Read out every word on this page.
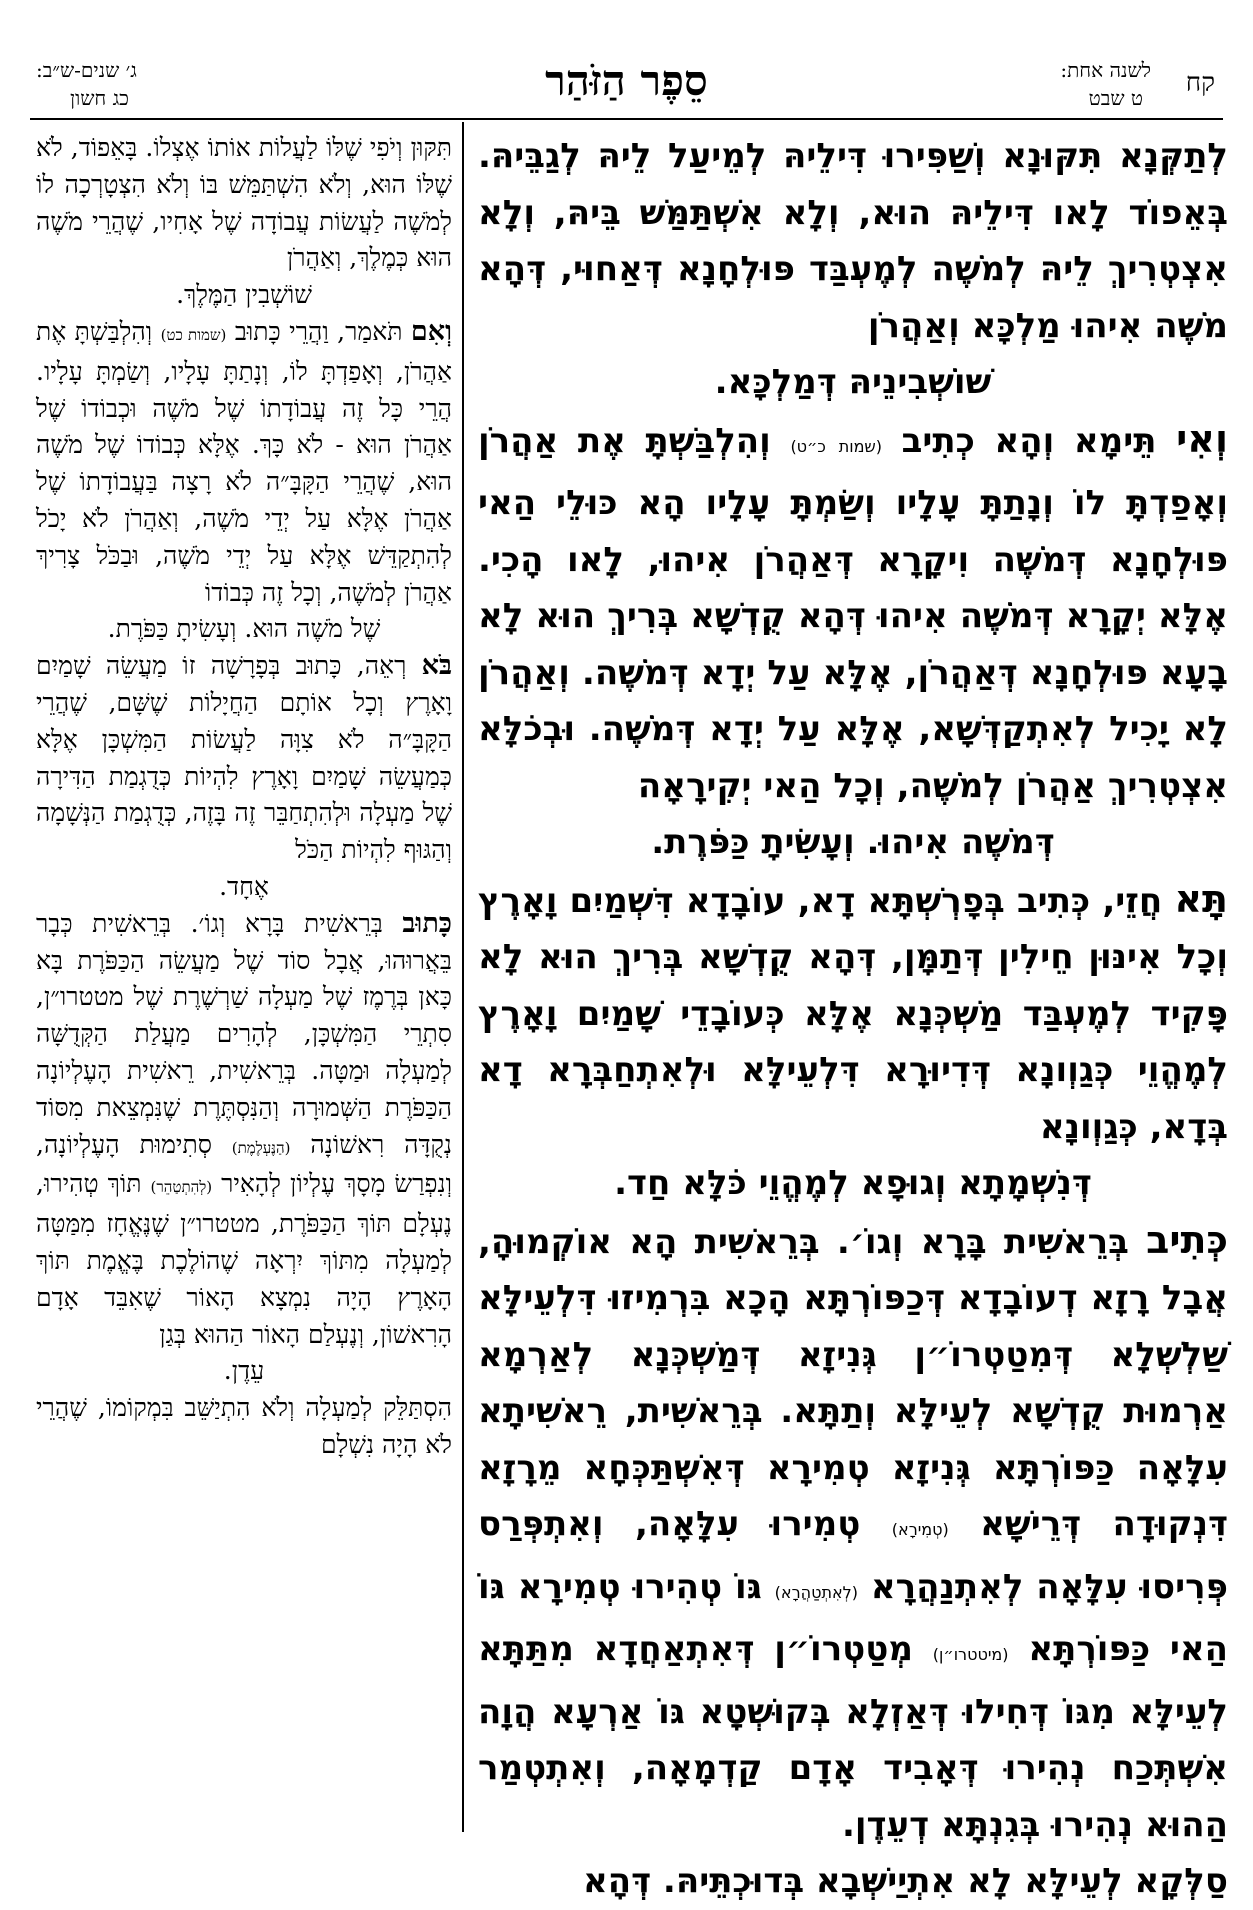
קח
לשנה אחת:
ט שבט
סֵפֶר הַזֹּהַר
ג׳ שנים-ש״ב:
כג חשון

לְתַקְּנָא תִּקּוּנָא וְשַׁפִּירוּ דִּילֵיהּ לְמֵיעַל לֵיהּ לְגַבֵּיהּ. בְּאֵפוֹד לָאו דִּילֵיהּ הוּא, וְלָא אִשְׁתַּמַּשׁ בֵּיהּ, וְלָא אִצְטְרִיךְ לֵיהּ לְמֹשֶׁה לְמֶעְבַּד פּוּלְחָנָא דְּאַחוּי, דְּהָא מֹשֶׁה אִיהוּ מַלְכָּא וְאַהֲרֹן

שׁוֹשְׁבִינֵיהּ דְּמַלְכָּא.

וְאִי תֵּימָא וְהָא כְתִיב (שמות כ״ט) וְהִלְבַּשְׁתָּ אֶת אַהֲרֹן וְאָפַדְתָּ לוֹ וְנָתַתָּ עָלָיו וְשַׂמְתָּ עָלָיו הָא כּוּלֵי הַאי פּוּלְחָנָא דְּמֹשֶׁה וִיקָרָא דְּאַהֲרֹן אִיהוּ, לָאו הָכִי. אֶלָּא יְקָרָא דְּמֹשֶׁה אִיהוּ דְּהָא קֻדְשָׁא בְּרִיךְ הוּא לָא בָעָא פּוּלְחָנָא דְּאַהֲרֹן, אֶלָּא עַל יְדָא דְּמֹשֶׁה. וְאַהֲרֹן לָא יָכִיל לְאִתְקַדְּשָׁא, אֶלָּא עַל יְדָא דְּמֹשֶׁה. וּבְכֹלָּא אִצְטְרִיךְ אַהֲרֹן לְמֹשֶׁה, וְכָל הַאי יְקִירָאָה

דְּמֹשֶׁה אִיהוּ. וְעָשִׂיתָ כַּפֹּרֶת.

תָּא חֲזֵי, כְּתִיב בְּפָרְשְׁתָּא דָא, עוֹבָדָא דִּשְׁמַיִם וָאָרֶץ וְכָל אִינּוּן חֵילִין דְּתַמָּן, דְּהָא קֻדְשָׁא בְּרִיךְ הוּא לָא פָּקִיד לְמֶעְבַּד מַשְׁכְּנָא אֶלָּא כְּעוֹבָדֵי שָׁמַיִם וָאָרֶץ לְמֶהֱוֵי כְּגַוְונָא דְּדִיוּרָא דִּלְעֵילָּא וּלְאִתְחַבְּרָא דָא בְּדָא, כְּגַוְונָא

דְּנִשְׁמָתָא וְגוּפָא לְמֶהֱוֵי כֹּלָּא חַד.

כְּתִיב בְּרֵאשִׁית בָּרָא וְגוֹ׳. בְּרֵאשִׁית הָא אוֹקְמוּהָ, אֲבָל רָזָא דְעוֹבָדָא דְּכַפּוֹרְתָּא הָכָא בִּרְמִיזוּ דִּלְעֵילָּא שַׁלְשְׁלָא דְּמִטַטְרוֹ״ן גְּנִיזָא דְּמַשְׁכְּנָא לְאַרְמָא אַרְמוּת קֻדְשָׁא לְעֵילָּא וְתַתָּא. בְּרֵאשִׁית, רֵאשִׁיתָא עִלָּאָה כַּפּוֹרְתָּא גְּנִיזָא טְמִירָא דְּאִשְׁתַּכְּחָא מֵרָזָא דִּנְקוּדָה דְּרֵישָׁא (טְמִירָא) טְמִירוּ עִלָּאָה, וְאִתְפְּרַס פְּרִיסוּ עִלָּאָה לְאִתְנַהֲרָא (לְאִתְטַהֲרָא) גּוֹ טְהִירוּ טְמִירָא גּוֹ הַאי כַּפּוֹרְתָּא (מיטטרו״ן) מְטַטְרוֹ״ן דְּאִתְאַחֲדָא מִתַּתָּא לְעֵילָּא מִגּוֹ דְּחִילוּ דְּאַזְלָא בְּקוּשְׁטָא גּוֹ אַרְעָא הֲוָה אִשְׁתְּכַח נְהִירוּ דְּאָבִיד אָדָם קַדְמָאָה, וְאִתְטְמַר הַהוּא נְהִירוּ בְּגִנְתָּא דְעֵדֶן.

סַלְּקָא לְעֵילָּא לָא אִתְיַישְּׁבָא בְּדוּכְתֵּיהּ. דְּהָא

תִּקּוּן וְיֹפִי שֶׁלּוֹ לַעֲלוֹת אוֹתוֹ אֶצְלוֹ. בָּאֵפוֹד, לֹא שֶׁלּוֹ הוּא, וְלֹא הִשְׁתַּמֵּשׁ בּוֹ וְלֹא הִצְטָרְכָה לוֹ לְמֹשֶׁה לַעֲשׂוֹת עֲבוֹדָה שֶׁל אָחִיו, שֶׁהֲרֵי מֹשֶׁה הוּא כְּמֶלֶךְ, וְאַהֲרֹן

שׁוֹשְׁבִין הַמֶּלֶךְ.

וְאִם תֹּאמַר, וַהֲרֵי כָּתוּב (שמות כט) וְהִלְבַּשְׁתָּ אֶת אַהֲרֹן, וְאָפַדְתָּ לוֹ, וְנָתַתָּ עָלָיו, וְשַׂמְתָּ עָלָיו. הֲרֵי כָּל זֶה עֲבוֹדָתוֹ שֶׁל מֹשֶׁה וּכְבוֹדוֹ שֶׁל אַהֲרֹן הוּא - לֹא כָּךְ. אֶלָּא כְּבוֹדוֹ שֶׁל מֹשֶׁה הוּא, שֶׁהֲרֵי הַקָּבָּ״ה לֹא רָצָה בַּעֲבוֹדָתוֹ שֶׁל אַהֲרֹן אֶלָּא עַל יְדֵי מֹשֶׁה, וְאַהֲרֹן לֹא יָכֹל לְהִתְקַדֵּשׁ אֶלָּא עַל יְדֵי מֹשֶׁה, וּבַכֹּל צָרִיךְ אַהֲרֹן לְמֹשֶׁה, וְכָל זֶה כְּבוֹדוֹ

שֶׁל מֹשֶׁה הוּא. וְעָשִׂיתָ כַּפֹּרֶת.

בֹּא רְאֵה, כָּתוּב בְּפָרָשָׁה זוֹ מַעֲשֵׂה שָׁמַיִם וָאָרֶץ וְכָל אוֹתָם הַחֲיָלוֹת שֶׁשָּׁם, שֶׁהֲרֵי הַקָּבָּ״ה לֹא צִוָּה לַעֲשׂוֹת הַמִּשְׁכָּן אֶלָּא כְּמַעֲשֵׂה שָׁמַיִם וָאָרֶץ לִהְיוֹת כְּדֻגְמַת הַדִּירָה שֶׁל מַעְלָה וּלְהִתְחַבֵּר זֶה בָּזֶה, כְּדֻגְמַת הַנְּשָׁמָה וְהַגּוּף לִהְיוֹת הַכֹּל

אֶחָד.

כָּתוּב בְּרֵאשִׁית בָּרָא וְגוֹ׳. בְּרֵאשִׁית כְּבָר בֵּאֲרוּהוּ, אֲבָל סוֹד שֶׁל מַעֲשֵׂה הַכַּפֹּרֶת בָּא כָּאן בְּרֶמֶז שֶׁל מַעְלָה שַׁרְשֶׁרֶת שֶׁל מטטרו״ן, סִתְרֵי הַמִּשְׁכָּן, לְהָרִים מַעֲלַת הַקְּדֻשָּׁה לְמַעְלָה וּמַטָּה. בְּרֵאשִׁית, רֵאשִׁית הָעֶלְיוֹנָה הַכַּפֹּרֶת הַשְּׁמוּרָה וְהַנִּסְתֶּרֶת שֶׁנִּמְצֵאת מִסּוֹד נְקֻדָּה רִאשׁוֹנָה (הַנֶּעְלֶמֶת) סְתִימוּת הָעֶלְיוֹנָה, וְנִפְרַשׂ מָסָךְ עֶלְיוֹן לְהָאִיר (לְהִתְטַהֵר) תּוֹךְ טְהִירוּ, נֶעְלָם תּוֹךְ הַכַּפֹּרֶת, מטטרו״ן שֶׁנֶּאֱחָז מִמַּטָּה לְמַעְלָה מִתּוֹךְ יִרְאָה שֶׁהוֹלֶכֶת בֶּאֱמֶת תּוֹךְ הָאָרֶץ הָיָה נִמְצָא הָאוֹר שֶׁאִבֵּד אָדָם הָרִאשׁוֹן, וְנֶעְלַם הָאוֹר הַהוּא בְּגַן

עֵדֶן.

הִסְתַּלֵּק לְמַעְלָה וְלֹא הִתְיַשֵּׁב בִּמְקוֹמוֹ, שֶׁהֲרֵי לֹא הָיָה נִשְׁלָם
